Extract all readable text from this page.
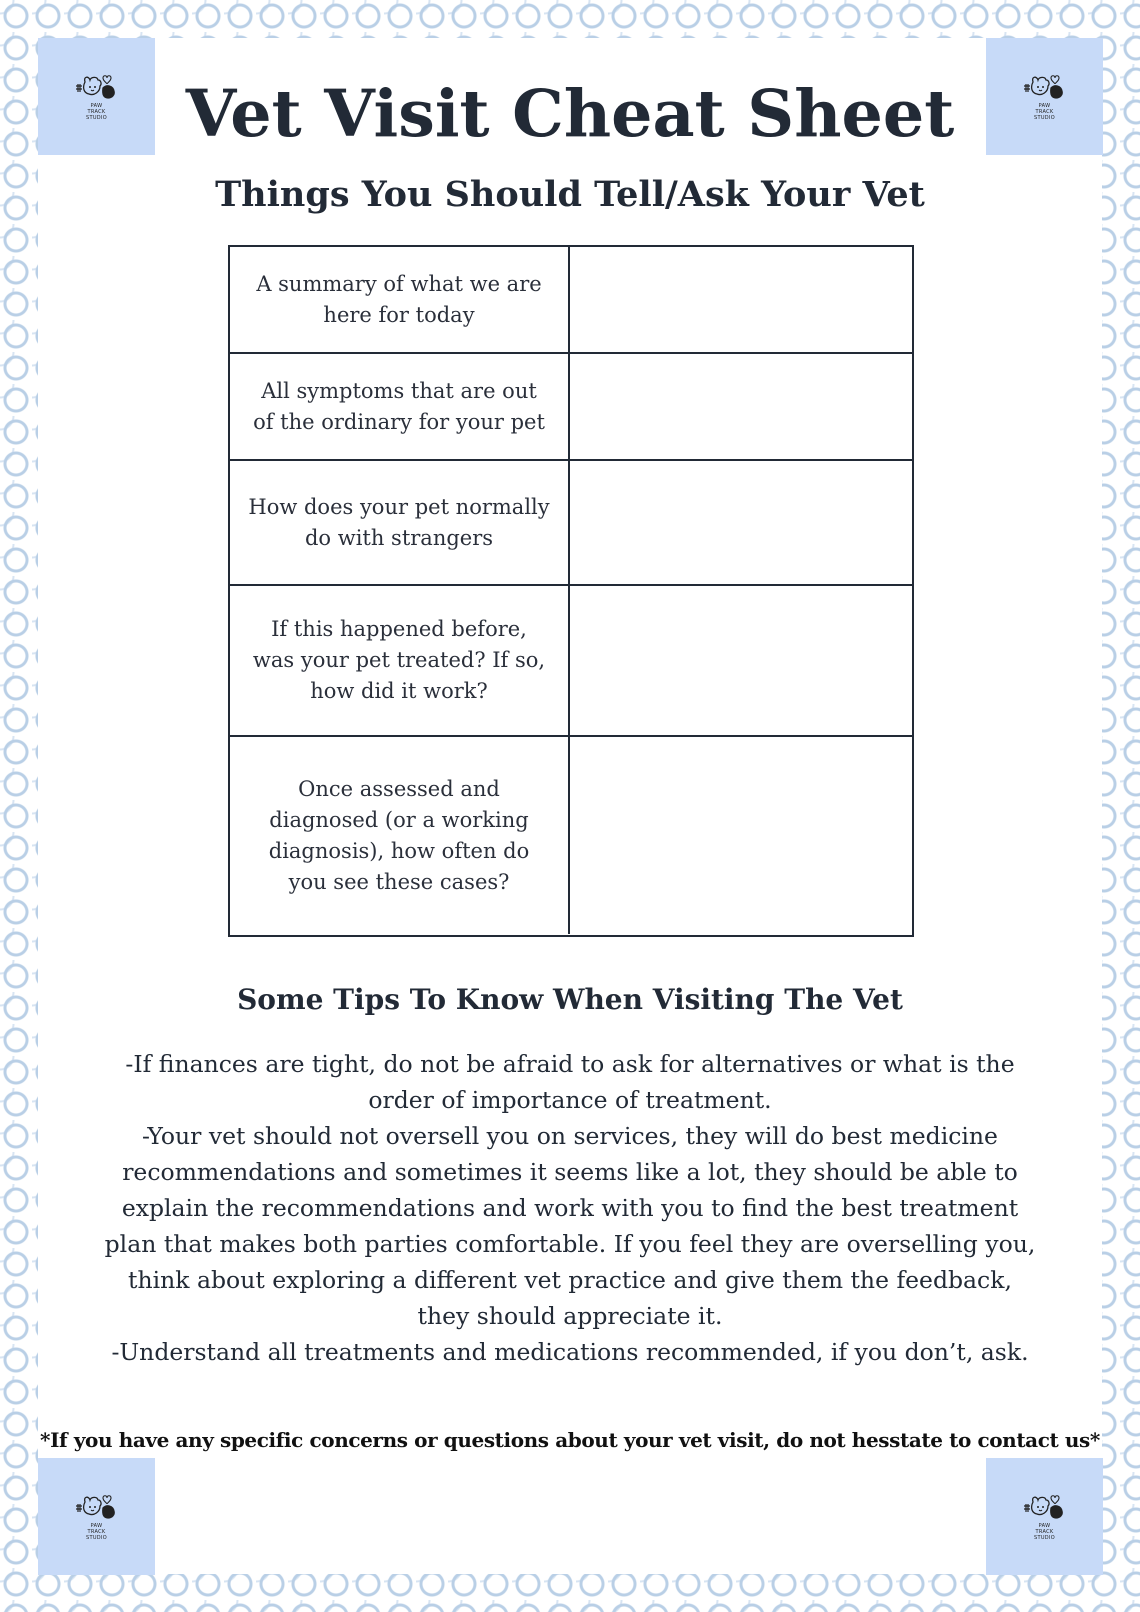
PAW
TRACK
STUDIO
PAW
TRACK
STUDIO
PAW
TRACK
STUDIO
PAW
TRACK
STUDIO
Vet Visit Cheat Sheet
Things You Should Tell/Ask Your Vet
A summary of what we are here for today
All symptoms that are out of the ordinary for your pet
How does your pet normally do with strangers
If this happened before, was your pet treated? If so, how did it work?
Once assessed and diagnosed (or a working diagnosis), how often do you see these cases?
Some Tips To Know When Visiting The Vet

-If finances are tight, do not be afraid to ask for alternatives or what is the order of importance of treatment.

-Your vet should not oversell you on services, they will do best medicine recommendations and sometimes it seems like a lot, they should be able to explain the recommendations and work with you to find the best treatment plan that makes both parties comfortable. If you feel they are overselling you, think about exploring a different vet practice and give them the feedback, they should appreciate it.

-Understand all treatments and medications recommended, if you don’t, ask.

*If you have any specific concerns or questions about your vet visit, do not hesstate to contact us*
